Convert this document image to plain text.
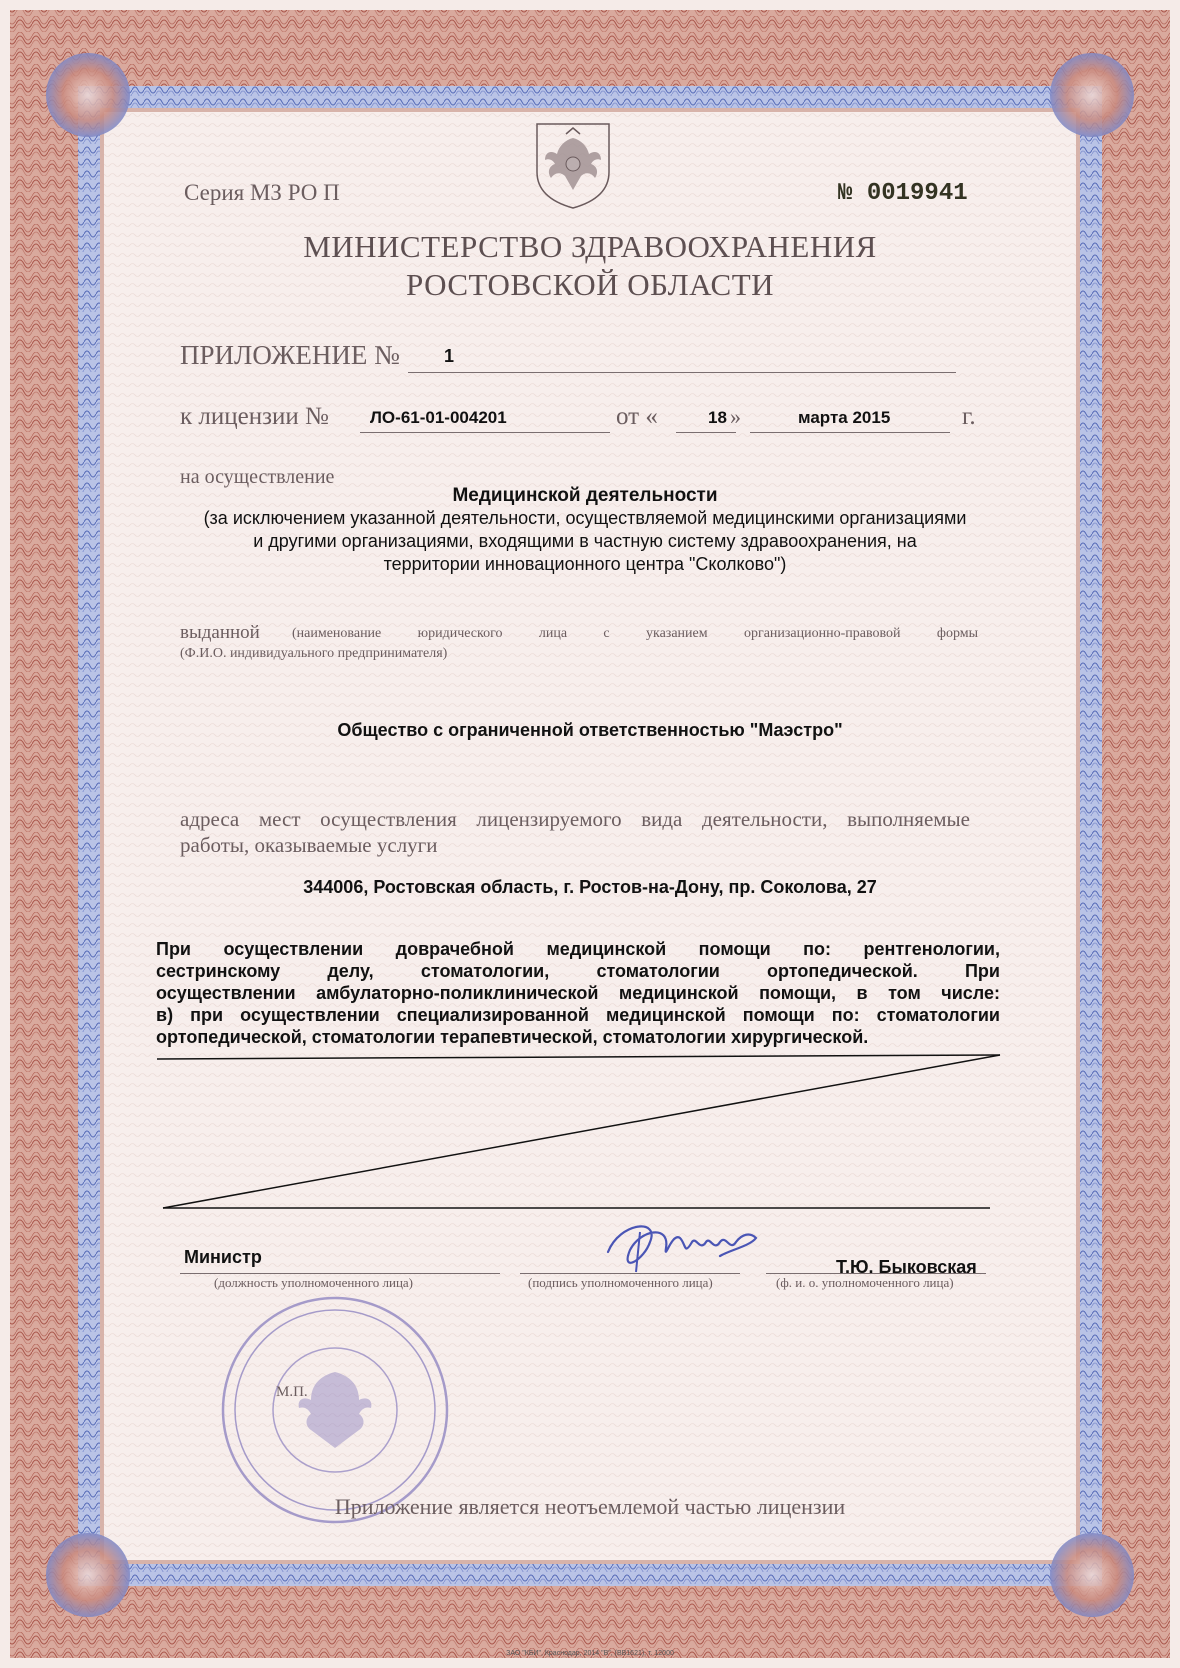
Серия МЗ РО П	№ 0019941
МИНИСТЕРСТВО ЗДРАВООХРАНЕНИЯ
РОСТОВСКОЙ ОБЛАСТИ
ПРИЛОЖЕНИЕ № 1
к лицензии № ЛО-61-01-004201	от «	18 »	марта 2015	г.
на осуществление
Медицинской деятельности
(за исключением указанной деятельности, осуществляемой медицинскими организациями
и другими организациями, входящими в частную систему здравоохранения, на
территории инновационного центра "Сколково")
выданной (наименование юридического лица с указанием организационно-правовой формы
(Ф.И.О. индивидуального предпринимателя)
Общество с ограниченной ответственностью "Маэстро"
адреса мест осуществления лицензируемого вида деятельности, выполняемые
работы, оказываемые услуги
344006, Ростовская область, г. Ростов-на-Дону, пр. Соколова, 27
При осуществлении доврачебной медицинской помощи по: рентгенологии,
сестринскому делу, стоматологии, стоматологии ортопедической. При
осуществлении амбулаторно-поликлинической медицинской помощи, в том числе:
в) при осуществлении специализированной медицинской помощи по: стоматологии
ортопедической, стоматологии терапевтической, стоматологии хирургической.
Министр	Т.Ю. Быковская
(должность уполномоченного лица)	(подпись уполномоченного лица)	(ф. и. о. уполномоченного лица)
М.П.
Приложение является неотъемлемой частью лицензии
ЗАО "КБИ", Краснодар, 2014 "В", (ВВ1621), т. 12000
